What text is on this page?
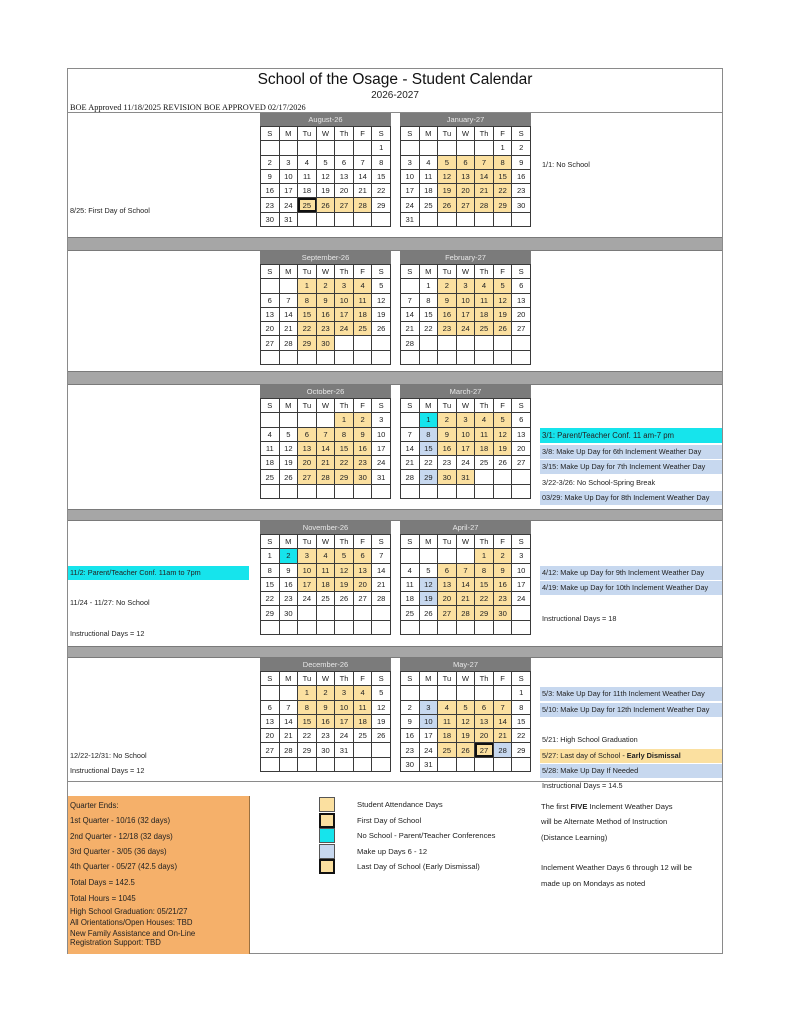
School of the Osage - Student Calendar
2026-2027
BOE Approved 11/18/2025 REVISION BOE APPROVED 02/17/2026
August-26
S	M	Tu	W	Th	F	S
						1
2	3	4	5	6	7	8
9	10	11	12	13	14	15
16	17	18	19	20	21	22
23	24	25	26	27	28	29
30	31					
January-27
S	M	Tu	W	Th	F	S
					1	2
3	4	5	6	7	8	9
10	11	12	13	14	15	16
17	18	19	20	21	22	23
24	25	26	27	28	29	30
31						
8/25: First Day of School
1/1: No School
September-26
S	M	Tu	W	Th	F	S
		1	2	3	4	5
6	7	8	9	10	11	12
13	14	15	16	17	18	19
20	21	22	23	24	25	26
27	28	29	30			

February-27
S	M	Tu	W	Th	F	S
	1	2	3	4	5	6
7	8	9	10	11	12	13
14	15	16	17	18	19	20
21	22	23	24	25	26	27
28						

October-26
S	M	Tu	W	Th	F	S
				1	2	3
4	5	6	7	8	9	10
11	12	13	14	15	16	17
18	19	20	21	22	23	24
25	26	27	28	29	30	31

March-27
S	M	Tu	W	Th	F	S
	1	2	3	4	5	6
7	8	9	10	11	12	13
14	15	16	17	18	19	20
21	22	23	24	25	26	27
28	29	30	31			

3/1: Parent/Teacher Conf. 11 am-7 pm
3/8: Make Up Day for 6th Inclement Weather Day
3/15: Make Up Day for 7th Inclement Weather Day
3/22-3/26: No School-Spring Break
03/29: Make Up Day for 8th Inclement Weather Day
November-26
S	M	Tu	W	Th	F	S
1	2	3	4	5	6	7
8	9	10	11	12	13	14
15	16	17	18	19	20	21
22	23	24	25	26	27	28
29	30					

April-27
S	M	Tu	W	Th	F	S
				1	2	3
4	5	6	7	8	9	10
11	12	13	14	15	16	17
18	19	20	21	22	23	24
25	26	27	28	29	30	

11/2: Parent/Teacher Conf. 11am to 7pm
11/24 - 11/27: No School
Instructional Days = 12
4/12: Make up Day for 9th Inclement Weather Day
4/19: Make up Day for 10th Inclement Weather Day
Instructional Days = 18
December-26
S	M	Tu	W	Th	F	S
		1	2	3	4	5
6	7	8	9	10	11	12
13	14	15	16	17	18	19
20	21	22	23	24	25	26
27	28	29	30	31		

May-27
S	M	Tu	W	Th	F	S
						1
2	3	4	5	6	7	8
9	10	11	12	13	14	15
16	17	18	19	20	21	22
23	24	25	26	27	28	29
30	31					
12/22-12/31: No School
Instructional Days = 12
5/3: Make Up Day for 11th Inclement Weather Day
5/10: Make Up Day for 12th Inclement Weather Day
5/21: High School Graduation
5/27: Last day of School - Early Dismissal
5/28: Make Up Day If Needed
Instructional Days = 14.5
Quarter Ends:
1st Quarter - 10/16 (32 days)
2nd Quarter - 12/18 (32 days)
3rd Quarter - 3/05 (36 days)
4th Quarter - 05/27 (42.5 days)
Total Days = 142.5
Total Hours = 1045
High School Graduation: 05/21/27
All Orientations/Open Houses: TBD
New Family Assistance and On-Line
Registration Support: TBD
Student Attendance Days
First Day of School
No School - Parent/Teacher Conferences
Make up Days 6 - 12
Last Day of School (Early Dismissal)
The first FIVE Inclement Weather Days
will be Alternate Method of Instruction
(Distance Learning)
Inclement Weather Days 6 through 12 will be
made up on Mondays as noted
